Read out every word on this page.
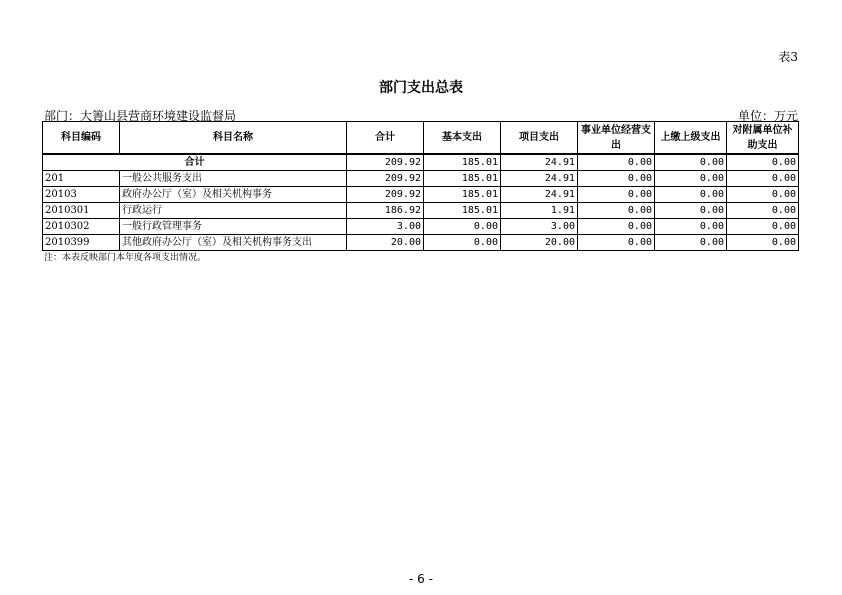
表3
部门支出总表
部门：大箐山县营商环境建设监督局	单位：万元
科目编码	科目名称	合计	基本支出	项目支出	事业单位经营支出	上缴上级支出	对附属单位补助支出
合计		209.92	185.01	24.91	0.00	0.00	0.00
201	一般公共服务支出	209.92	185.01	24.91	0.00	0.00	0.00
20103	政府办公厅（室）及相关机构事务	209.92	185.01	24.91	0.00	0.00	0.00
2010301	行政运行	186.92	185.01	1.91	0.00	0.00	0.00
2010302	一般行政管理事务	3.00	0.00	3.00	0.00	0.00	0.00
2010399	其他政府办公厅（室）及相关机构事务支出	20.00	0.00	20.00	0.00	0.00	0.00
注：本表反映部门本年度各项支出情况。
- 6 -
